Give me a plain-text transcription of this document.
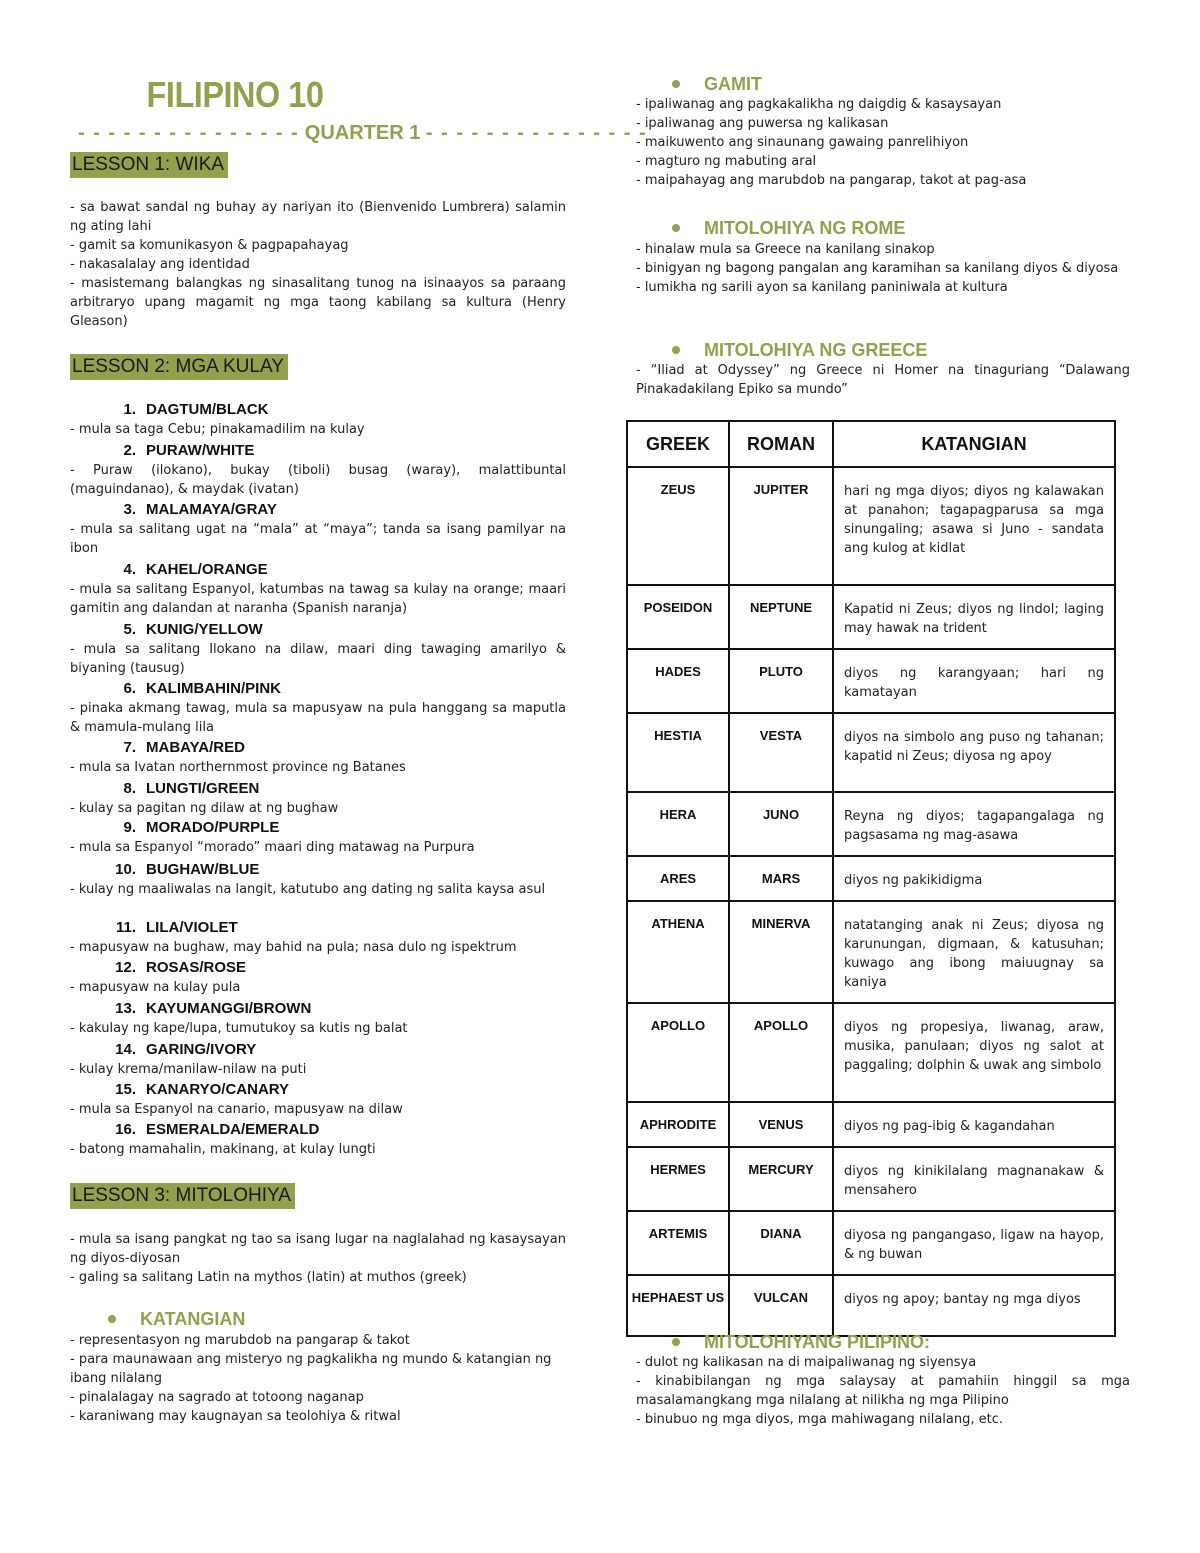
FILIPINO 10
- - - - - - - - - - - - - - - QUARTER 1 - - - - - - - - - - - - - - -
LESSON 1: WIKA
- sa bawat sandal ng buhay ay nariyan ito (Bienvenido Lumbrera) salamin ng ating lahi
- gamit sa komunikasyon & pagpapahayag
- nakasalalay ang identidad
- masistemang balangkas ng sinasalitang tunog na isinaayos sa paraang arbitraryo upang magamit ng mga taong kabilang sa kultura (Henry Gleason)
LESSON 2: MGA KULAY
1. DAGTUM/BLACK
- mula sa taga Cebu; pinakamadilim na kulay
2. PURAW/WHITE
- Puraw (ilokano), bukay (tiboli) busag (waray), malattibuntal (maguindanao), & maydak (ivatan)
3. MALAMAYA/GRAY
- mula sa salitang ugat na “mala” at “maya”; tanda sa isang pamilyar na ibon
4. KAHEL/ORANGE
- mula sa salitang Espanyol, katumbas na tawag sa kulay na orange; maari gamitin ang dalandan at naranha (Spanish naranja)
5. KUNIG/YELLOW
- mula sa salitang Ilokano na dilaw, maari ding tawaging amarilyo & biyaning (tausug)
6. KALIMBAHIN/PINK
- pinaka akmang tawag, mula sa mapusyaw na pula hanggang sa maputla & mamula-mulang lila
7. MABAYA/RED
- mula sa Ivatan northernmost province ng Batanes
8. LUNGTI/GREEN
- kulay sa pagitan ng dilaw at ng bughaw
9. MORADO/PURPLE
- mula sa Espanyol “morado” maari ding matawag na Purpura
10. BUGHAW/BLUE
- kulay ng maaliwalas na langit, katutubo ang dating ng salita kaysa asul
11. LILA/VIOLET
- mapusyaw na bughaw, may bahid na pula; nasa dulo ng ispektrum
12. ROSAS/ROSE
- mapusyaw na kulay pula
13. KAYUMANGGI/BROWN
- kakulay ng kape/lupa, tumutukoy sa kutis ng balat
14. GARING/IVORY
- kulay krema/manilaw-nilaw na puti
15. KANARYO/CANARY
- mula sa Espanyol na canario, mapusyaw na dilaw
16. ESMERALDA/EMERALD
- batong mamahalin, makinang, at kulay lungti
LESSON 3: MITOLOHIYA
- mula sa isang pangkat ng tao sa isang lugar na naglalahad ng kasaysayan ng diyos-diyosan
- galing sa salitang Latin na mythos (latin) at muthos (greek)
KATANGIAN
- representasyon ng marubdob na pangarap & takot
- para maunawaan ang misteryo ng pagkalikha ng mundo & katangian ng ibang nilalang
- pinalalagay na sagrado at totoong naganap
- karaniwang may kaugnayan sa teolohiya & ritwal
GAMIT
- ipaliwanag ang pagkakalikha ng daigdig & kasaysayan
- ipaliwanag ang puwersa ng kalikasan
- maikuwento ang sinaunang gawaing panrelihiyon
- magturo ng mabuting aral
- maipahayag ang marubdob na pangarap, takot at pag-asa
MITOLOHIYA NG ROME
- hinalaw mula sa Greece na kanilang sinakop
- binigyan ng bagong pangalan ang karamihan sa kanilang diyos & diyosa
- lumikha ng sarili ayon sa kanilang paniniwala at kultura
MITOLOHIYA NG GREECE
- “Iliad at Odyssey” ng Greece ni Homer na tinaguriang “Dalawang Pinakadakilang Epiko sa mundo”
GREEK	ROMAN	KATANGIAN
ZEUS	JUPITER	hari ng mga diyos; diyos ng kalawakan at panahon; tagapagparusa sa mga sinungaling; asawa si Juno - sandata ang kulog at kidlat
POSEIDON	NEPTUNE	Kapatid ni Zeus; diyos ng lindol; laging may hawak na trident
HADES	PLUTO	diyos ng karangyaan; hari ng kamatayan
HESTIA	VESTA	diyos na simbolo ang puso ng tahanan; kapatid ni Zeus; diyosa ng apoy
HERA	JUNO	Reyna ng diyos; tagapangalaga ng pagsasama ng mag-asawa
ARES	MARS	diyos ng pakikidigma
ATHENA	MINERVA	natatanging anak ni Zeus; diyosa ng karunungan, digmaan, & katusuhan; kuwago ang ibong maiuugnay sa kaniya
APOLLO	APOLLO	diyos ng propesiya, liwanag, araw, musika, panulaan; diyos ng salot at paggaling; dolphin & uwak ang simbolo
APHRODITE	VENUS	diyos ng pag-ibig & kagandahan
HERMES	MERCURY	diyos ng kinikilalang magnanakaw & mensahero
ARTEMIS	DIANA	diyosa ng pangangaso, ligaw na hayop, & ng buwan
HEPHAEST US	VULCAN	diyos ng apoy; bantay ng mga diyos
MITOLOHIYANG PILIPINO:
- dulot ng kalikasan na di maipaliwanag ng siyensya
- kinabibilangan ng mga salaysay at pamahiin hinggil sa mga masalamangkang mga nilalang at nilikha ng mga Pilipino
- binubuo ng mga diyos, mga mahiwagang nilalang, etc.
